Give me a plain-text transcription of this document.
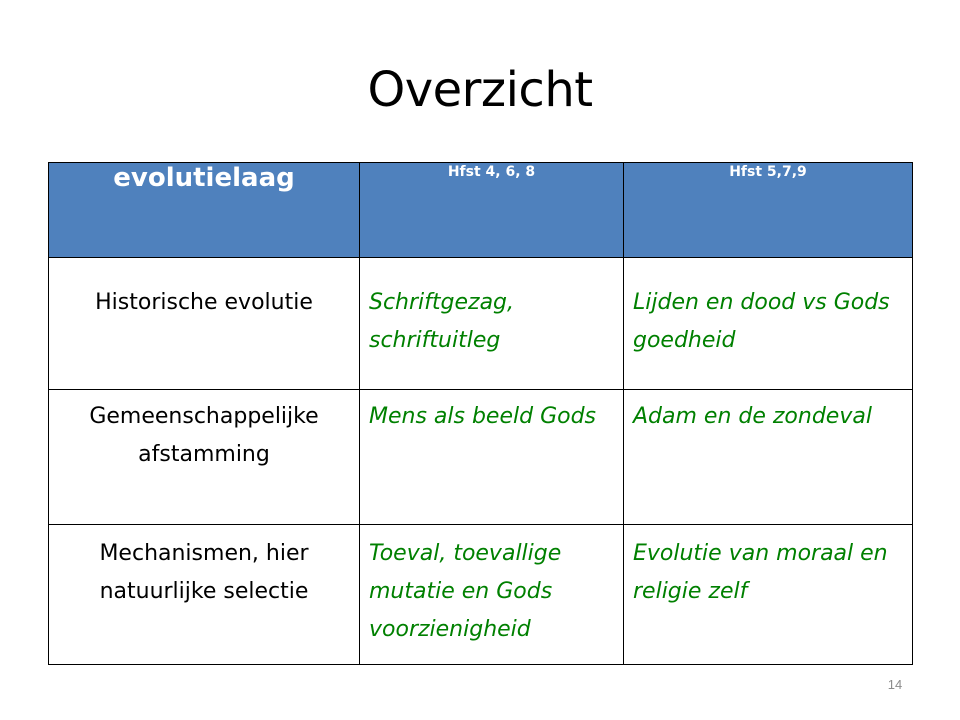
Overzicht
evolutielaag	Hfst 4, 6, 8	Hfst 5,7,9
Historische evolutie	Schriftgezag, schriftuitleg	Lijden en dood vs Gods goedheid
Gemeenschappelijke afstamming	Mens als beeld Gods	Adam en de zondeval
Mechanismen, hier natuurlijke selectie	Toeval, toevallige mutatie en Gods voorzienigheid	Evolutie van moraal en religie zelf
14
